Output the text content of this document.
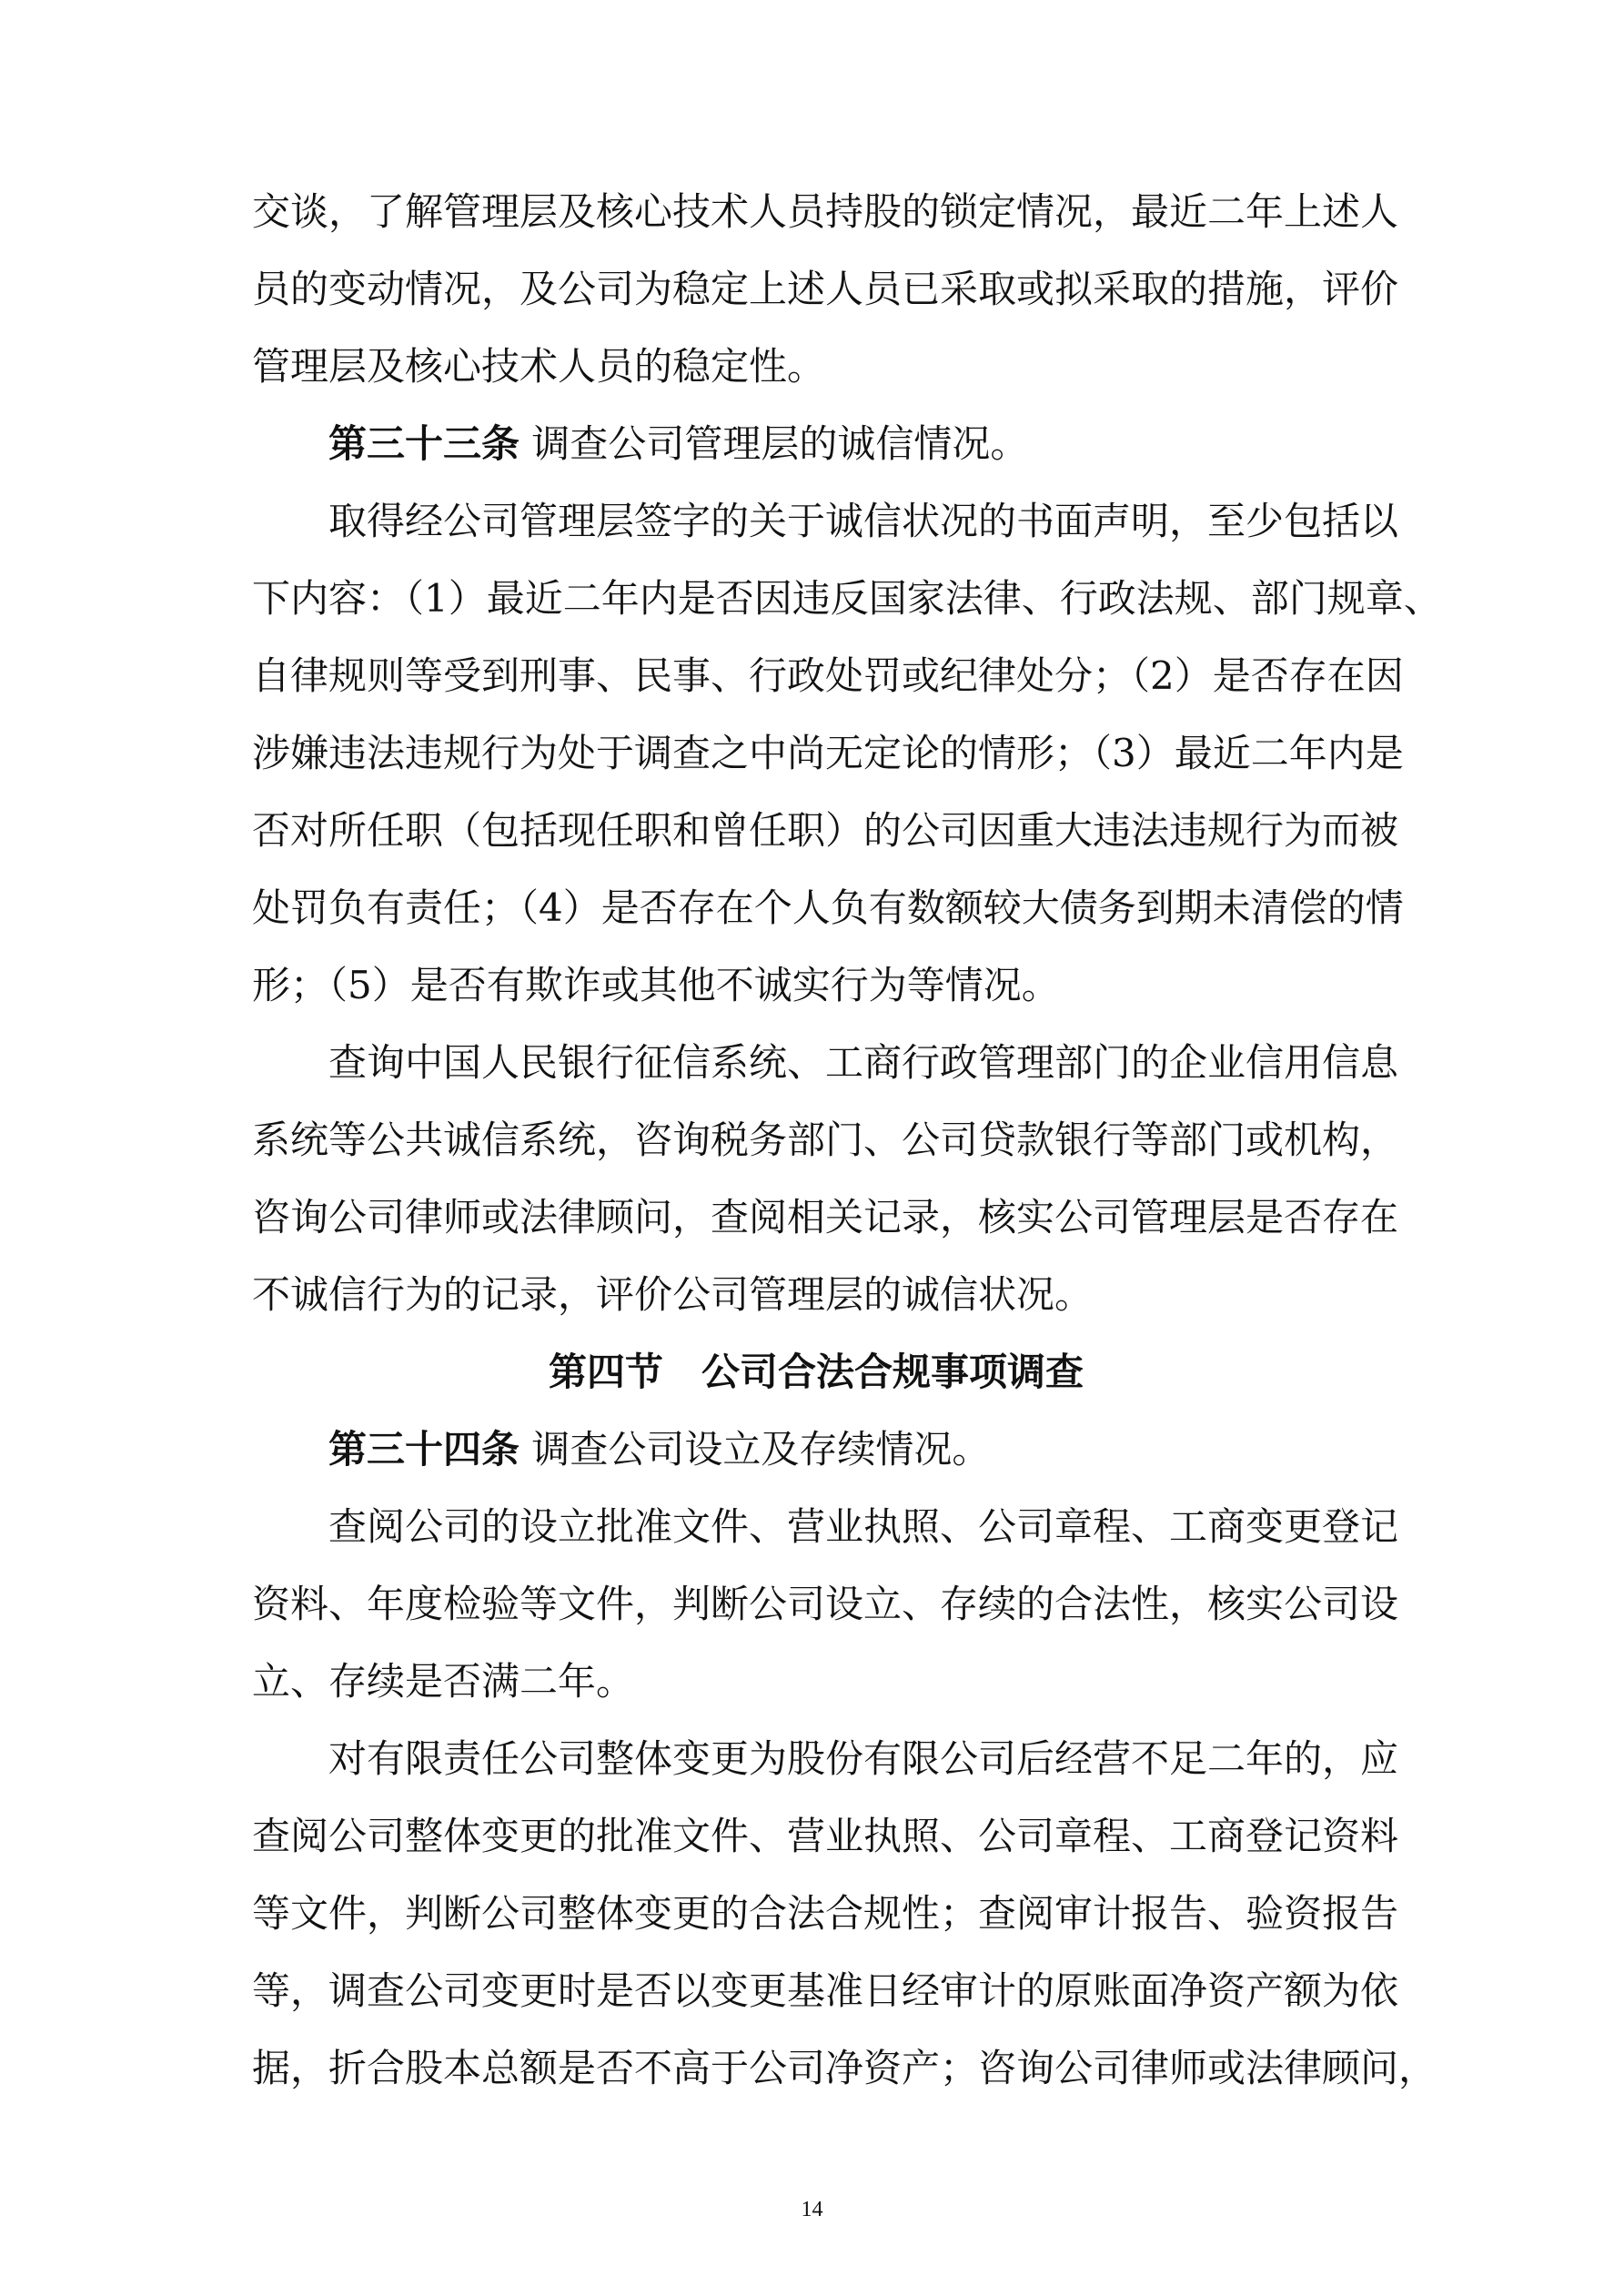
交谈，了解管理层及核心技术人员持股的锁定情况，最近二年上述人
员的变动情况，及公司为稳定上述人员已采取或拟采取的措施，评价
管理层及核心技术人员的稳定性。
第三十三条 调查公司管理层的诚信情况。
取得经公司管理层签字的关于诚信状况的书面声明，至少包括以
下内容：（1）最近二年内是否因违反国家法律、行政法规、部门规章、
自律规则等受到刑事、民事、行政处罚或纪律处分；（2）是否存在因
涉嫌违法违规行为处于调查之中尚无定论的情形；（3）最近二年内是
否对所任职（包括现任职和曾任职）的公司因重大违法违规行为而被
处罚负有责任；（4）是否存在个人负有数额较大债务到期未清偿的情
形；（5）是否有欺诈或其他不诚实行为等情况。
查询中国人民银行征信系统、工商行政管理部门的企业信用信息
系统等公共诚信系统，咨询税务部门、公司贷款银行等部门或机构，
咨询公司律师或法律顾问，查阅相关记录，核实公司管理层是否存在
不诚信行为的记录，评价公司管理层的诚信状况。
第四节　公司合法合规事项调查
第三十四条 调查公司设立及存续情况。
查阅公司的设立批准文件、营业执照、公司章程、工商变更登记
资料、年度检验等文件，判断公司设立、存续的合法性，核实公司设
立、存续是否满二年。
对有限责任公司整体变更为股份有限公司后经营不足二年的，应
查阅公司整体变更的批准文件、营业执照、公司章程、工商登记资料
等文件，判断公司整体变更的合法合规性；查阅审计报告、验资报告
等，调查公司变更时是否以变更基准日经审计的原账面净资产额为依
据，折合股本总额是否不高于公司净资产；咨询公司律师或法律顾问，
14
